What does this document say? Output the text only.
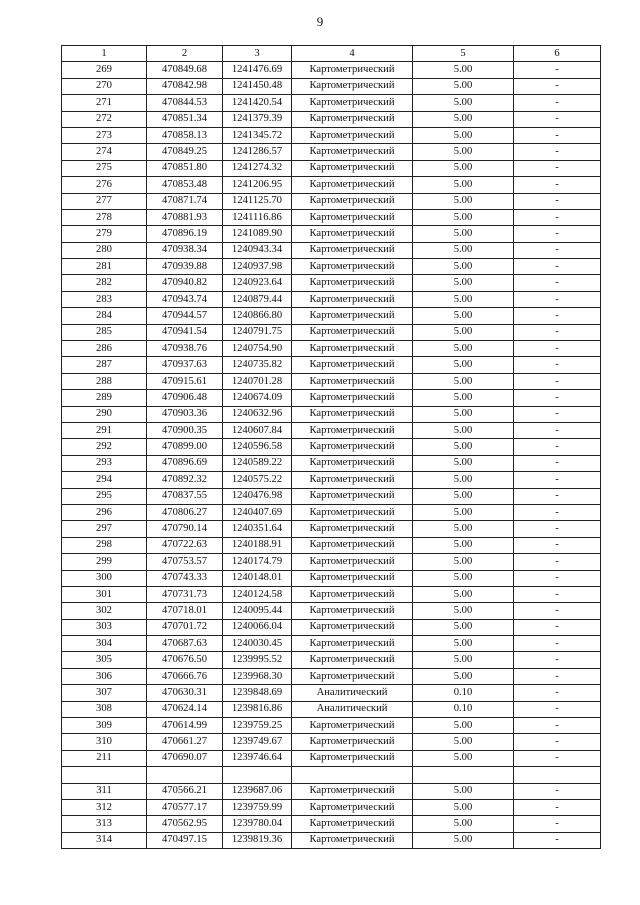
9
1	2	3	4	5	6
269	470849.68	1241476.69	Картометрический	5.00	-
270	470842.98	1241450.48	Картометрический	5.00	-
271	470844.53	1241420.54	Картометрический	5.00	-
272	470851.34	1241379.39	Картометрический	5.00	-
273	470858.13	1241345.72	Картометрический	5.00	-
274	470849.25	1241286.57	Картометрический	5.00	-
275	470851.80	1241274.32	Картометрический	5.00	-
276	470853.48	1241206.95	Картометрический	5.00	-
277	470871.74	1241125.70	Картометрический	5.00	-
278	470881.93	1241116.86	Картометрический	5.00	-
279	470896.19	1241089.90	Картометрический	5.00	-
280	470938.34	1240943.34	Картометрический	5.00	-
281	470939.88	1240937.98	Картометрический	5.00	-
282	470940.82	1240923.64	Картометрический	5.00	-
283	470943.74	1240879.44	Картометрический	5.00	-
284	470944.57	1240866.80	Картометрический	5.00	-
285	470941.54	1240791.75	Картометрический	5.00	-
286	470938.76	1240754.90	Картометрический	5.00	-
287	470937.63	1240735.82	Картометрический	5.00	-
288	470915.61	1240701.28	Картометрический	5.00	-
289	470906.48	1240674.09	Картометрический	5.00	-
290	470903.36	1240632.96	Картометрический	5.00	-
291	470900.35	1240607.84	Картометрический	5.00	-
292	470899.00	1240596.58	Картометрический	5.00	-
293	470896.69	1240589.22	Картометрический	5.00	-
294	470892.32	1240575.22	Картометрический	5.00	-
295	470837.55	1240476.98	Картометрический	5.00	-
296	470806.27	1240407.69	Картометрический	5.00	-
297	470790.14	1240351.64	Картометрический	5.00	-
298	470722.63	1240188.91	Картометрический	5.00	-
299	470753.57	1240174.79	Картометрический	5.00	-
300	470743.33	1240148.01	Картометрический	5.00	-
301	470731.73	1240124.58	Картометрический	5.00	-
302	470718.01	1240095.44	Картометрический	5.00	-
303	470701.72	1240066.04	Картометрический	5.00	-
304	470687.63	1240030.45	Картометрический	5.00	-
305	470676.50	1239995.52	Картометрический	5.00	-
306	470666.76	1239968.30	Картометрический	5.00	-
307	470630.31	1239848.69	Аналитический	0.10	-
308	470624.14	1239816.86	Аналитический	0.10	-
309	470614.99	1239759.25	Картометрический	5.00	-
310	470661.27	1239749.67	Картометрический	5.00	-
211	470690.07	1239746.64	Картометрический	5.00	-

311	470566.21	1239687.06	Картометрический	5.00	-
312	470577.17	1239759.99	Картометрический	5.00	-
313	470562.95	1239780.04	Картометрический	5.00	-
314	470497.15	1239819.36	Картометрический	5.00	-
